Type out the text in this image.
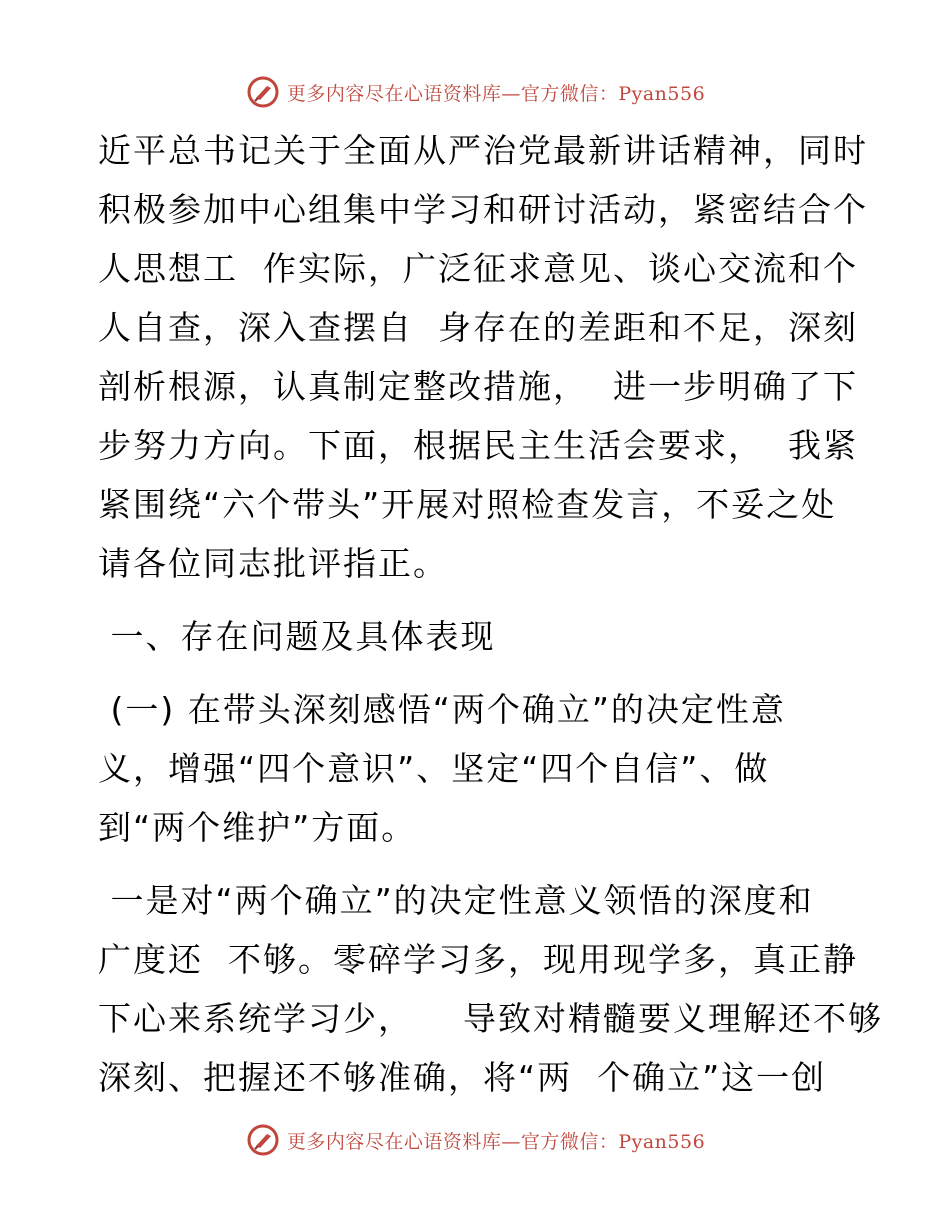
更多内容尽在心语资料库—官方微信：Pyan556

近平总书记关于全面从严治党最新讲话精神，同时

积极参加中心组集中学习和研讨活动，紧密结合个

人思想工  作实际，广泛征求意见、谈心交流和个

人自查，深入查摆自  身存在的差距和不足，深刻

剖析根源，认真制定整改措施，  进一步明确了下

步努力方向。下面，根据民主生活会要求，  我紧

紧围绕“六个带头”开展对照检查发言，不妥之处

请各位同志批评指正。

一、存在问题及具体表现

(一) 在带头深刻感悟“两个确立”的决定性意

义，增强“四个意识”、坚定“四个自信”、做

到“两个维护”方面。

一是对“两个确立”的决定性意义领悟的深度和

广度还  不够。零碎学习多，现用现学多，真正静

下心来系统学习少，    导致对精髓要义理解还不够

深刻、把握还不够准确，将“两  个确立”这一创

更多内容尽在心语资料库—官方微信：Pyan556
